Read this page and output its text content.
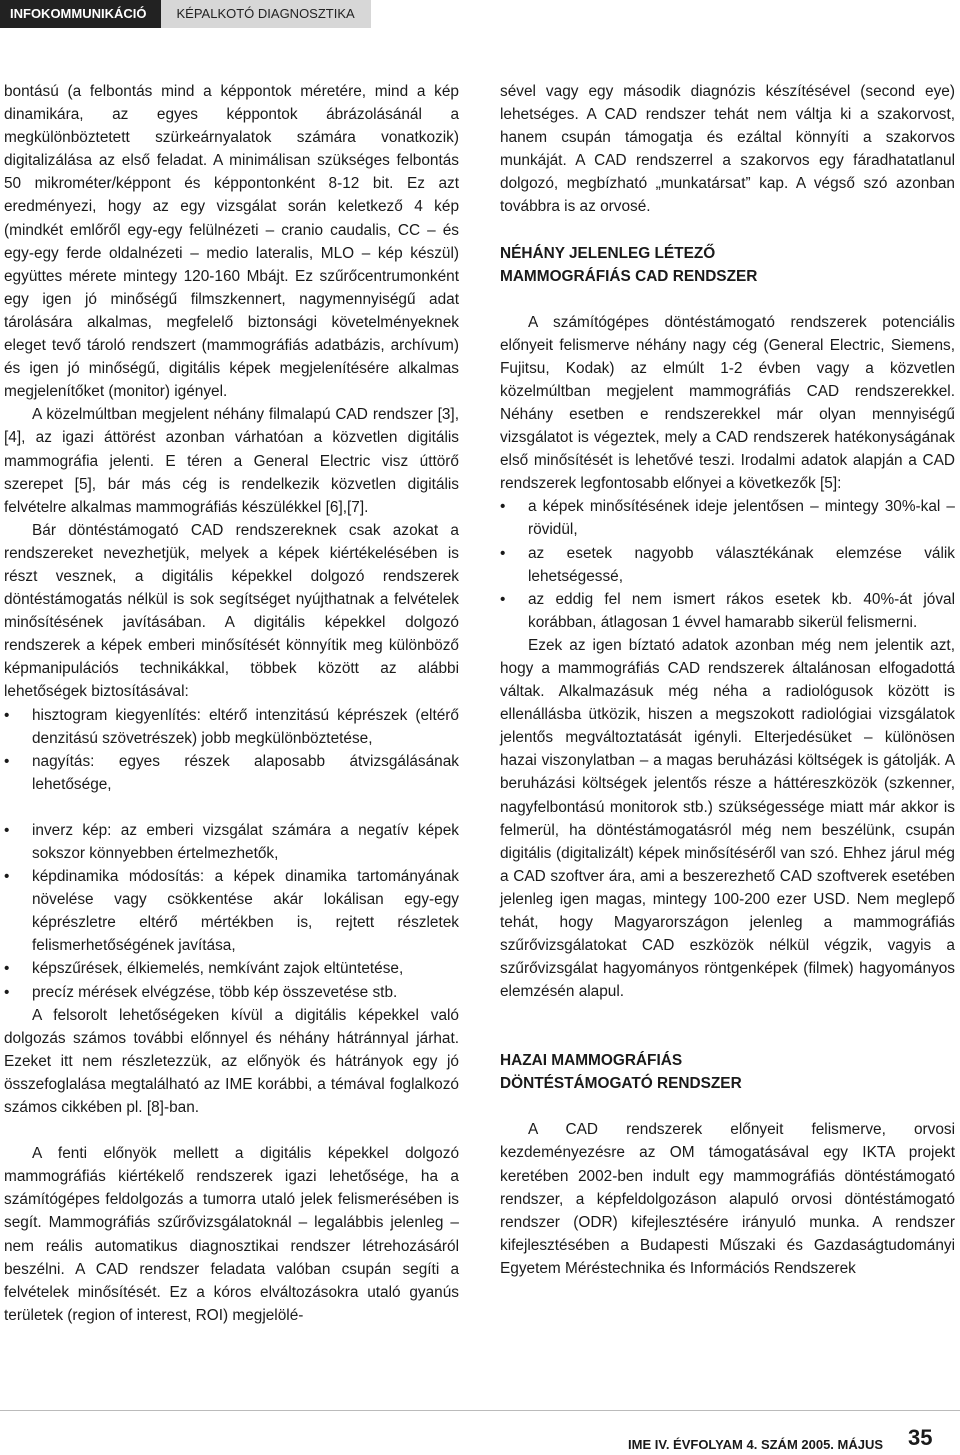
INFOKOMMUNIKÁCIÓ	KÉPALKOTÓ DIAGNOSZTIKA

bontású (a felbontás mind a képpontok méretére, mind a kép dinamikára, az egyes képpontok ábrázolásánál a megkülönböztetett szürkeárnyalatok számára vonatkozik) digitalizálása az első feladat. A minimálisan szükséges felbontás 50 mikrométer/képpont és képpontonként 8-12 bit. Ez azt eredményezi, hogy az egy vizsgálat során keletkező 4 kép (mindkét emlőről egy-egy felülnézeti – cranio caudalis, CC – és egy-egy ferde oldalnézeti – medio lateralis, MLO – kép készül) együttes mérete mintegy 120-160 Mbájt. Ez szűrőcentrumonként egy igen jó minőségű filmszkennert, nagymennyiségű adat tárolására alkalmas, megfelelő biztonsági követelményeknek eleget tevő tároló rendszert (mammográfiás adatbázis, archívum) és igen jó minőségű, digitális képek megjelenítésére alkalmas megjelenítőket (monitor) igényel.

A közelmúltban megjelent néhány filmalapú CAD rendszer [3], [4], az igazi áttörést azonban várhatóan a közvetlen digitális mammográfia jelenti. E téren a General Electric visz úttörő szerepet [5], bár más cég is rendelkezik közvetlen digitális felvételre alkalmas mammográfiás készülékkel [6],[7].

Bár döntéstámogató CAD rendszereknek csak azokat a rendszereket nevezhetjük, melyek a képek kiértékelésében is részt vesznek, a digitális képekkel dolgozó rendszerek döntéstámogatás nélkül is sok segítséget nyújthatnak a felvételek minősítésének javításában. A digitális képekkel dolgozó rendszerek a képek emberi minősítését könnyítik meg különböző képmanipulációs technikákkal, többek között az alábbi lehetőségek biztosításával:

• hisztogram kiegyenlítés: eltérő intenzitású képrészek (eltérő denzitású szövetrészek) jobb megkülönböztetése,
• nagyítás: egyes részek alaposabb átvizsgálásának lehetősége,
• inverz kép: az emberi vizsgálat számára a negatív képek sokszor könnyebben értelmezhetők,
• képdinamika módosítás: a képek dinamika tartományának növelése vagy csökkentése akár lokálisan egy-egy képrészletre eltérő mértékben is, rejtett részletek felismerhetőségének javítása,
• képszűrések, élkiemelés, nemkívánt zajok eltüntetése,
• precíz mérések elvégzése, több kép összevetése stb.

A felsorolt lehetőségeken kívül a digitális képekkel való dolgozás számos további előnnyel és néhány hátránnyal járhat. Ezeket itt nem részletezzük, az előnyök és hátrányok egy jó összefoglalása megtalálható az IME korábbi, a témával foglalkozó számos cikkében pl. [8]-ban.

A fenti előnyök mellett a digitális képekkel dolgozó mammográfiás kiértékelő rendszerek igazi lehetősége, ha a számítógépes feldolgozás a tumorra utaló jelek felismerésében is segít. Mammográfiás szűrővizsgálatoknál – legalábbis jelenleg – nem reális automatikus diagnosztikai rendszer létrehozásáról beszélni. A CAD rendszer feladata valóban csupán segíti a felvételek minősítését. Ez a kóros elváltozásokra utaló gyanús területek (region of interest, ROI) megjelölé-

sével vagy egy második diagnózis készítésével (second eye) lehetséges. A CAD rendszer tehát nem váltja ki a szakorvost, hanem csupán támogatja és ezáltal könnyíti a szakorvos munkáját. A CAD rendszerrel a szakorvos egy fáradhatatlanul dolgozó, megbízható „munkatársat” kap. A végső szó azonban továbbra is az orvosé.

NÉHÁNY JELENLEG LÉTEZŐ
MAMMOGRÁFIÁS CAD RENDSZER

A számítógépes döntéstámogató rendszerek potenciális előnyeit felismerve néhány nagy cég (General Electric, Siemens, Fujitsu, Kodak) az elmúlt 1-2 évben vagy a közvetlen közelmúltban megjelent mammográfiás CAD rendszerekkel. Néhány esetben e rendszerekkel már olyan mennyiségű vizsgálatot is végeztek, mely a CAD rendszerek hatékonyságának első minősítését is lehetővé teszi. Irodalmi adatok alapján a CAD rendszerek legfontosabb előnyei a következők [5]:

• a képek minősítésének ideje jelentősen – mintegy 30%-kal – rövidül,
• az esetek nagyobb választékának elemzése válik lehetségessé,
• az eddig fel nem ismert rákos esetek kb. 40%-át jóval korábban, átlagosan 1 évvel hamarabb sikerül felismerni.

Ezek az igen bíztató adatok azonban még nem jelentik azt, hogy a mammográfiás CAD rendszerek általánosan elfogadottá váltak. Alkalmazásuk még néha a radiológusok között is ellenállásba ütközik, hiszen a megszokott radiológiai vizsgálatok jelentős megváltoztatását igényli. Elterjedésüket – különösen hazai viszonylatban – a magas beruházási költségek is gátolják. A beruházási költségek jelentős része a háttéreszközök (szkenner, nagyfelbontású monitorok stb.) szükségessége miatt már akkor is felmerül, ha döntéstámogatásról még nem beszélünk, csupán digitális (digitalizált) képek minősítéséről van szó. Ehhez járul még a CAD szoftver ára, ami a beszerezhető CAD szoftverek esetében jelenleg igen magas, mintegy 100-200 ezer USD. Nem meglepő tehát, hogy Magyarországon jelenleg a mammográfiás szűrővizsgálatokat CAD eszközök nélkül végzik, vagyis a szűrővizsgálat hagyományos röntgenképek (filmek) hagyományos elemzésén alapul.

HAZAI MAMMOGRÁFIÁS
DÖNTÉSTÁMOGATÓ RENDSZER

A CAD rendszerek előnyeit felismerve, orvosi kezdeményezésre az OM támogatásával egy IKTA projekt keretében 2002-ben indult egy mammográfiás döntéstámogató rendszer, a képfeldolgozáson alapuló orvosi döntéstámogató rendszer (ODR) kifejlesztésére irányuló munka. A rendszer kifejlesztésében a Budapesti Műszaki és Gazdaságtudományi Egyetem Méréstechnika és Információs Rendszerek

IME IV. ÉVFOLYAM 4. SZÁM 2005. MÁJUS 35
